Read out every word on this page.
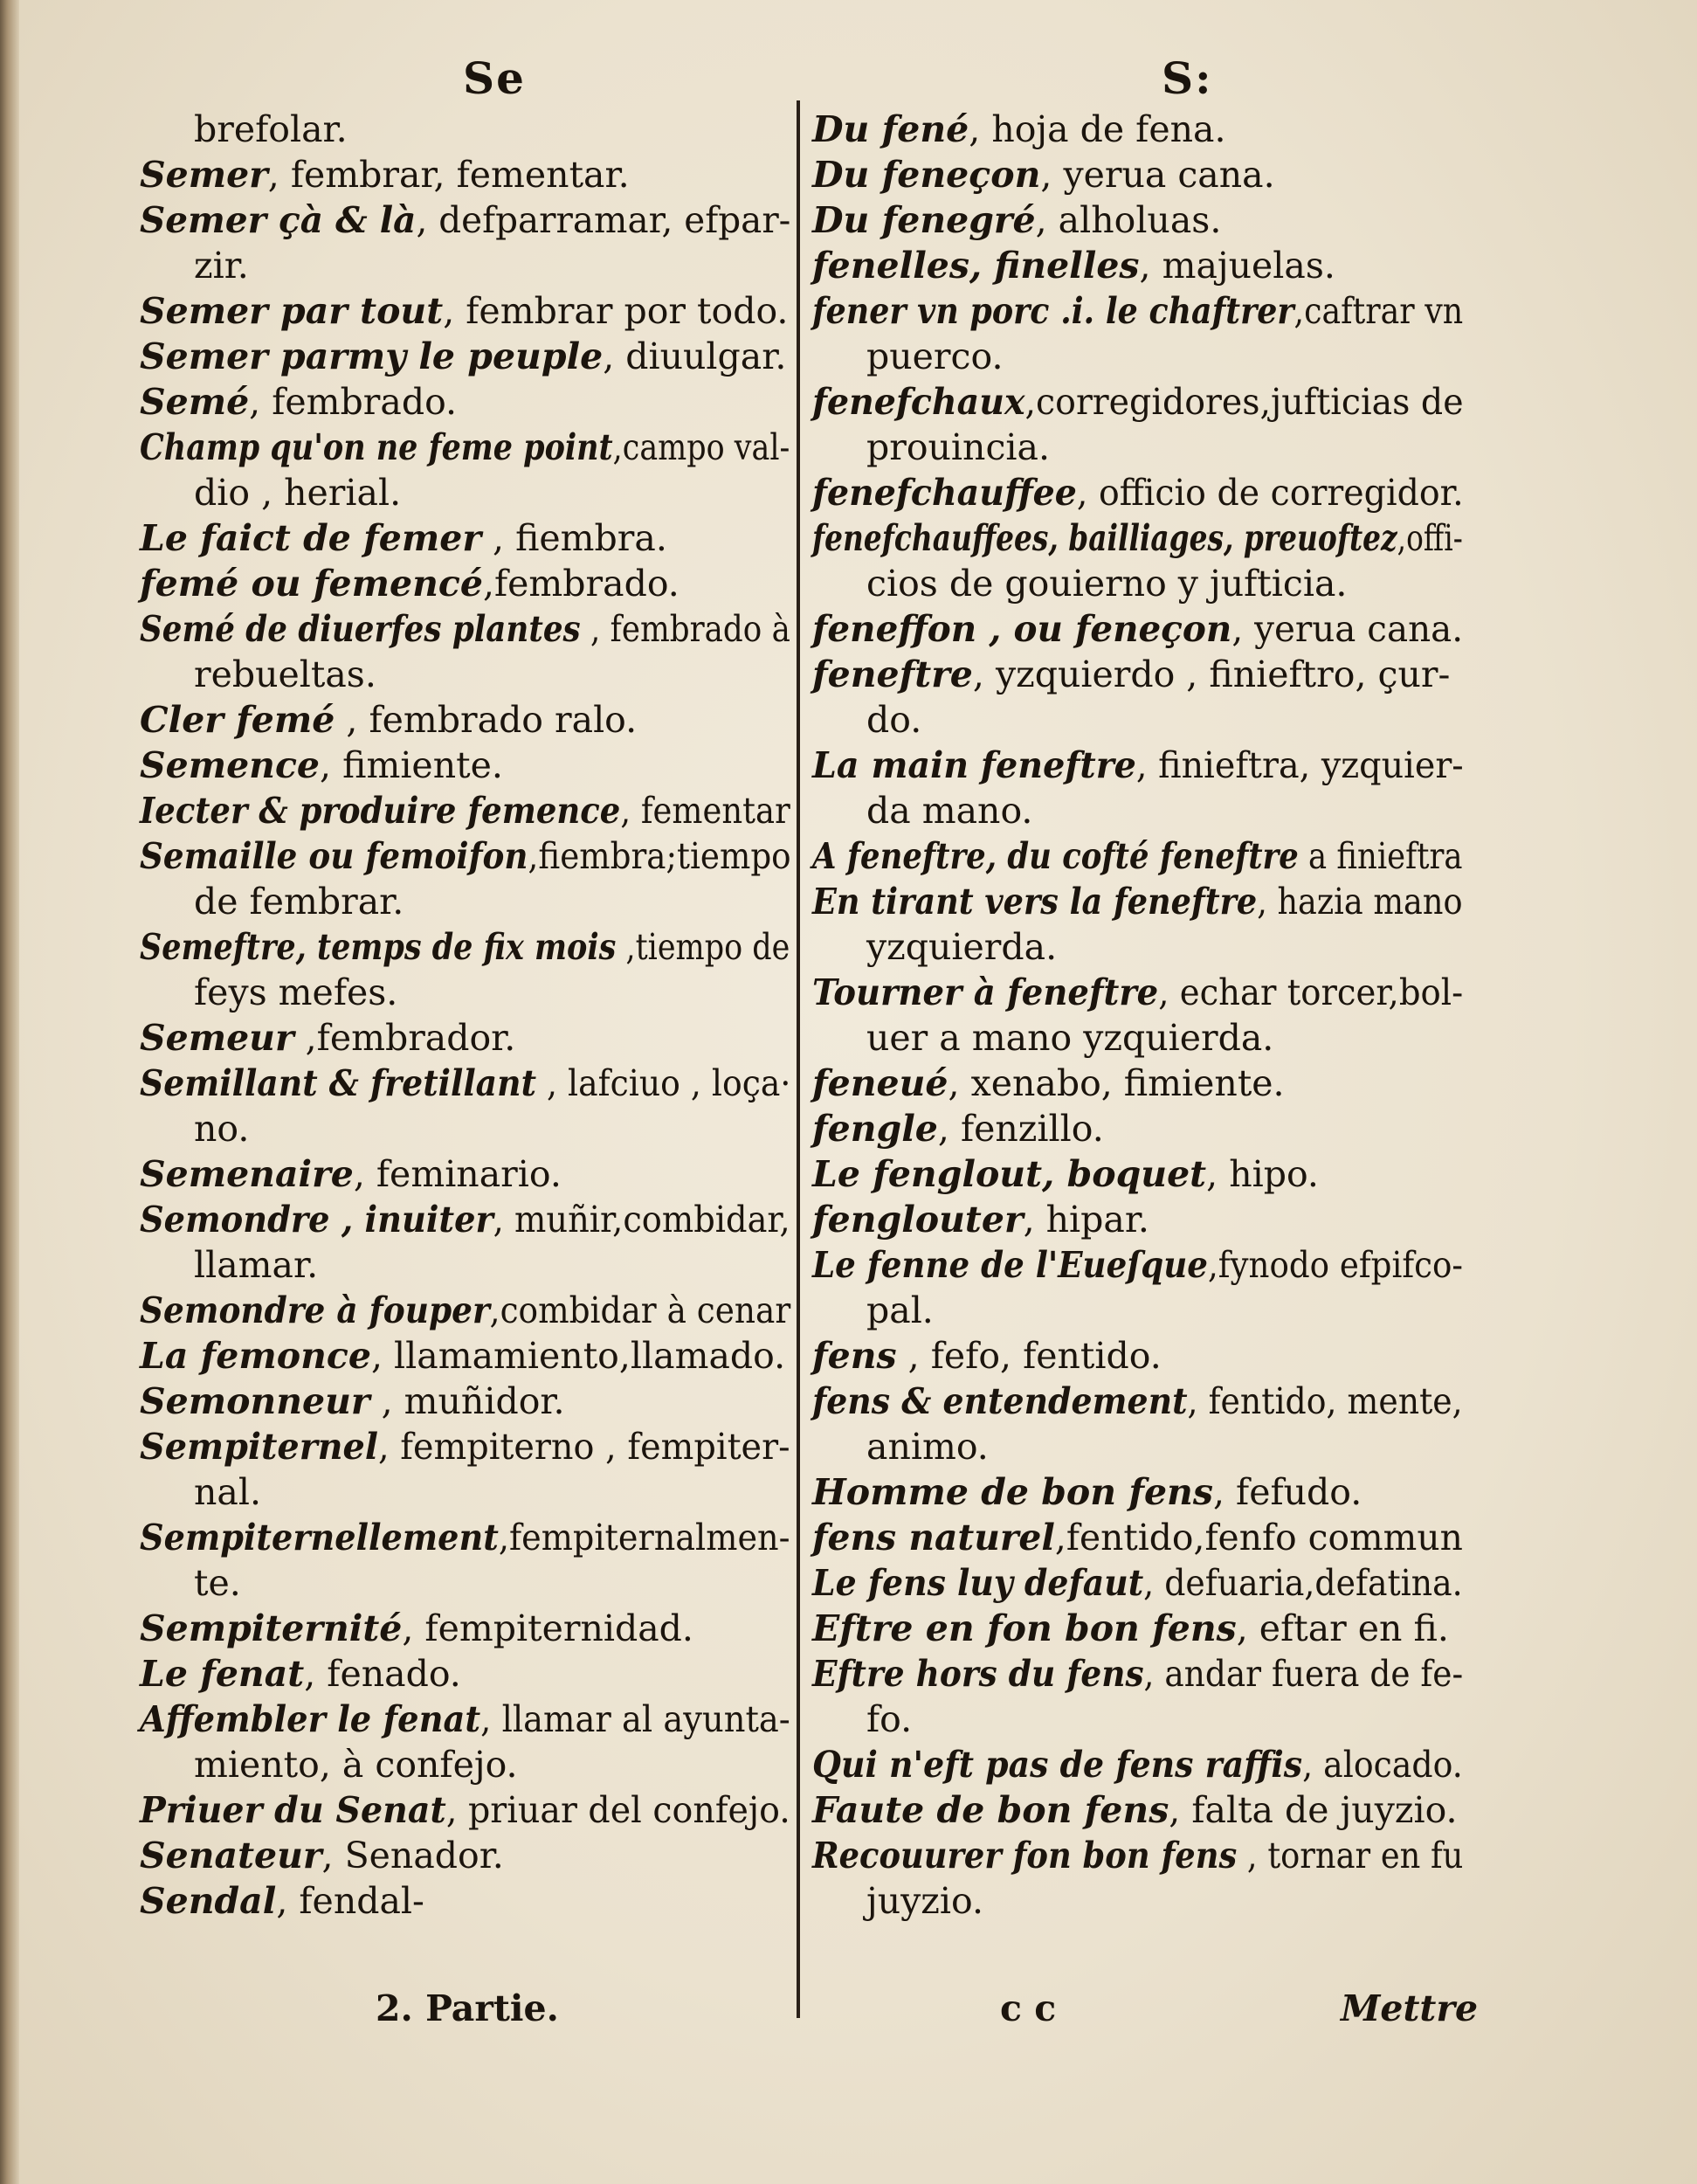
Se	S:

brefolar.

Semer, fembrar, fementar.

Semer çà & là, defparramar, efpar-

zir.

Semer par tout, fembrar por todo.

Semer parmy le peuple, diuulgar.

Semé, fembrado.

Champ qu'on ne feme point,campo val-

dio , herial.

Le faict de femer , fiembra.

femé ou femencé,fembrado.

Semé de diuerfes plantes , fembrado à

rebueltas.

Cler femé , fembrado ralo.

Semence, fimiente.

Iecter & produire femence, fementar

Semaille ou femoifon,fiembra;tiempo

de fembrar.

Semeftre, temps de fix mois ,tiempo de

feys mefes.

Semeur ,fembrador.

Semillant & fretillant , lafciuo , loça·

no.

Semenaire, feminario.

Semondre , inuiter, muñir,combidar,

llamar.

Semondre à fouper,combidar à cenar

La femonce, llamamiento,llamado.

Semonneur , muñidor.

Sempiternel, fempiterno , fempiter-

nal.

Sempiternellement,fempiternalmen-

te.

Sempiternité, fempiternidad.

Le fenat, fenado.

Affembler le fenat, llamar al ayunta-

miento, à confejo.

Priuer du Senat, priuar del confejo.

Senateur, Senador.

Sendal, fendal-

Du fené, hoja de fena.

Du feneçon, yerua cana.

Du fenegré, alholuas.

fenelles, finelles, majuelas.

fener vn porc .i. le chaftrer,caftrar vn

puerco.

fenefchaux,corregidores,jufticias de

prouincia.

fenefchauffee, officio de corregidor.

fenefchauffees, bailliages, preuoftez,offi-

cios de gouierno y jufticia.

feneffon , ou feneçon, yerua cana.

feneftre, yzquierdo , finieftro, çur-

do.

La main feneftre, finieftra, yzquier-

da mano.

A feneftre, du cofté feneftre a finieftra

En tirant vers la feneftre, hazia mano

yzquierda.

Tourner à feneftre, echar torcer,bol-

uer a mano yzquierda.

feneué, xenabo, fimiente.

fengle, fenzillo.

Le fenglout, boquet, hipo.

fenglouter, hipar.

Le fenne de l'Eueſque,fynodo efpifco-

pal.

fens , fefo, fentido.

fens & entendement, fentido, mente,

animo.

Homme de bon fens, fefudo.

fens naturel,fentido,fenfo commun

Le fens luy defaut, defuaria,defatina.

Eftre en fon bon fens, eftar en fi.

Eftre hors du fens, andar fuera de fe-

fo.

Qui n'eft pas de fens raffis, alocado.

Faute de bon fens, falta de juyzio.

Recouurer fon bon fens , tornar en fu

juyzio.

2. Partie.	c c	Mettre
